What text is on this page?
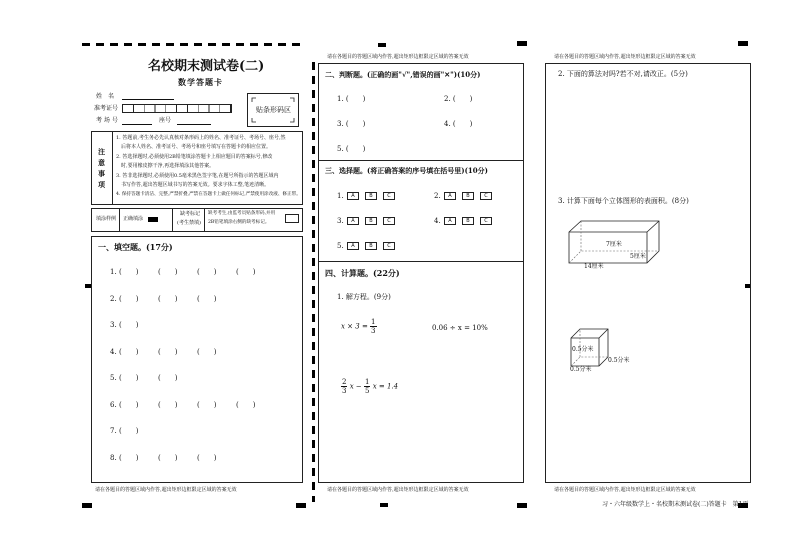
名校期末测试卷(二)
数学答题卡
姓　名
准考证号
考 场 号	座号
贴条形码区
注意事项
1. 答题前,考生务必先认真核对条形码上的姓名、准考证号、考场号、座号,然
　后将本人姓名、准考证号、考场号和座号填写在答题卡的相应位置。
2. 答选择题时,必须使用2B铅笔填涂答题卡上相应题目的答案标号,修改
　时,要用橡皮擦干净,再选择填涂其他答案。
3. 答非选择题时,必须使用0.5毫米黑色签字笔,在题号所指示的答题区域内
　书写作答,超出答题区域书写的答案无效。要求字体工整,笔迹清晰。
4. 保持答题卡清洁、完整,严禁折叠,严禁在答题卡上做任何标记,严禁使用涂改液、修正带。
填涂样例 正确填涂
缺考标记
(考生禁填)
缺考考生,由监考员贴条形码,并用
2B铅笔填涂右侧的缺考标记。
一、填空题。(17分)
1. (　　)	(　　)	(　　)	(　　)
2. (　　)	(　　)	(　　)
3. (　　)
4. (　　)	(　　)	(　　)
5. (　　)	(　　)
6. (　　)	(　　)	(　　)	(　　)
7. (　　)
8. (　　)	(　　)	(　　)
请在各题目的答题区域内作答,超出矩形边框限定区域的答案无效
请在各题目的答题区域内作答,超出矩形边框限定区域的答案无效
二、判断题。(正确的画"√",错误的画"✕")(10分)
1. (　　)	2. (　　)
3. (　　)	4. (　　)
5. (　　)
三、选择题。(将正确答案的序号填在括号里)(10分)
1. A	B	C	2. A	B	C
3. A	B	C	4. A	B	C
5. A	B	C
四、计算题。(22分)
1. 解方程。(9分)
$x \times 3 = \frac{1}{3}$	0.06 ÷ x = 10%
$\frac{2}{3}$ $x - \frac{1}{5}$ x = 1.4
请在各题目的答题区域内作答,超出矩形边框限定区域的答案无效
请在各题目的答题区域内作答,超出矩形边框限定区域的答案无效
2. 下面的算法对吗?若不对,请改正。(5分)
3. 计算下面每个立体图形的表面积。(8分)
7厘米
5厘米
14厘米
0.5分米
0.5分米
0.5分米
请在各题目的答题区域内作答,超出矩形边框限定区域的答案无效
习・六年级数学上・名校期末测试卷(二)答题卡　第1页
